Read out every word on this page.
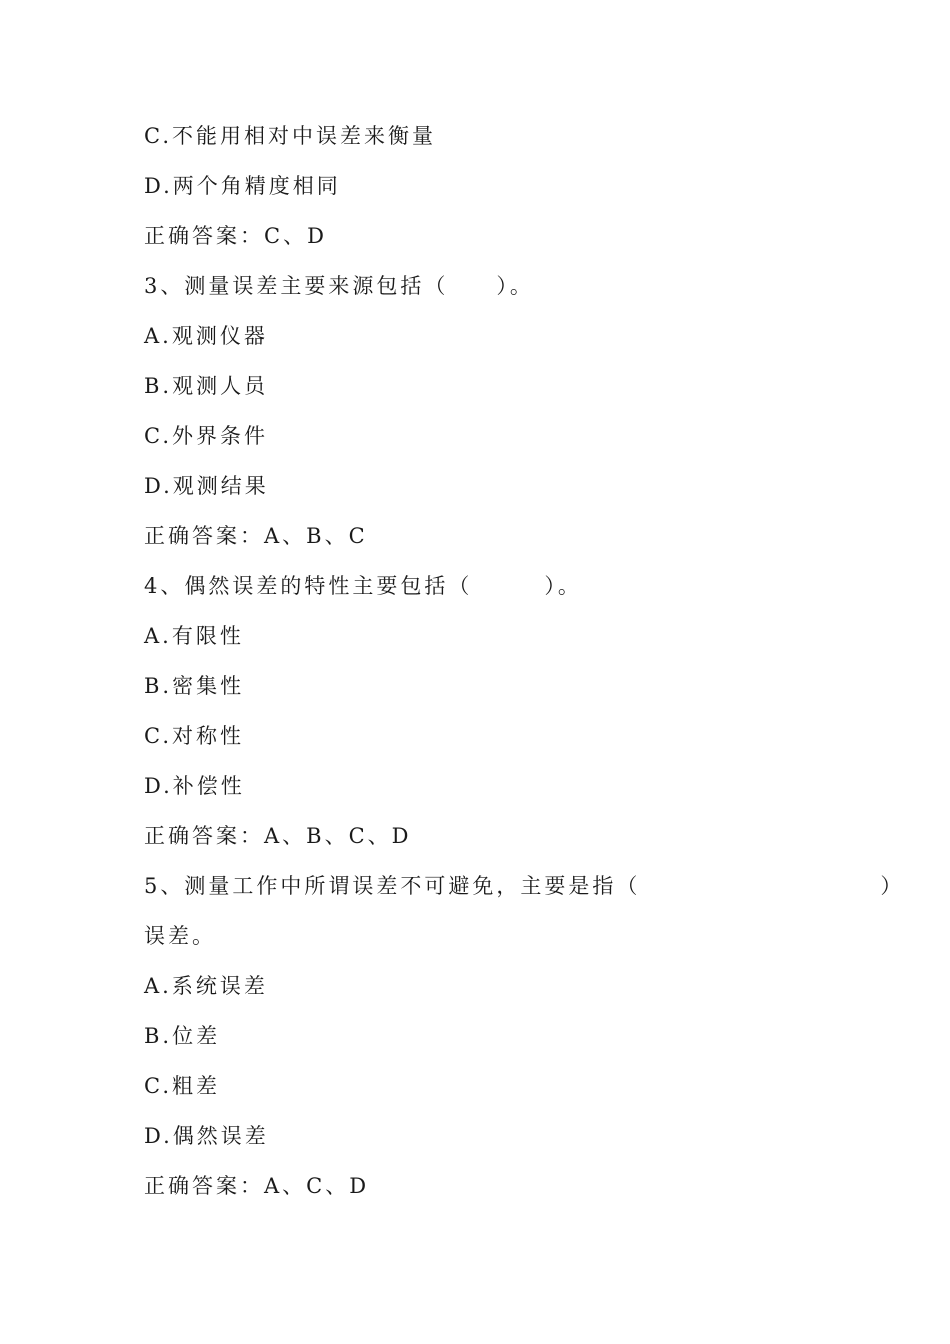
C.不能用相对中误差来衡量
D.两个角精度相同
正确答案：C、D
3、测量误差主要来源包括（　　）。
A.观测仪器
B.观测人员
C.外界条件
D.观测结果
正确答案：A、B、C
4、偶然误差的特性主要包括（　　　）。
A.有限性
B.密集性
C.对称性
D.补偿性
正确答案：A、B、C、D
5、测量工作中所谓误差不可避免，主要是指（　　　　　　　　　　）
误差。
A.系统误差
B.位差
C.粗差
D.偶然误差
正确答案：A、C、D
